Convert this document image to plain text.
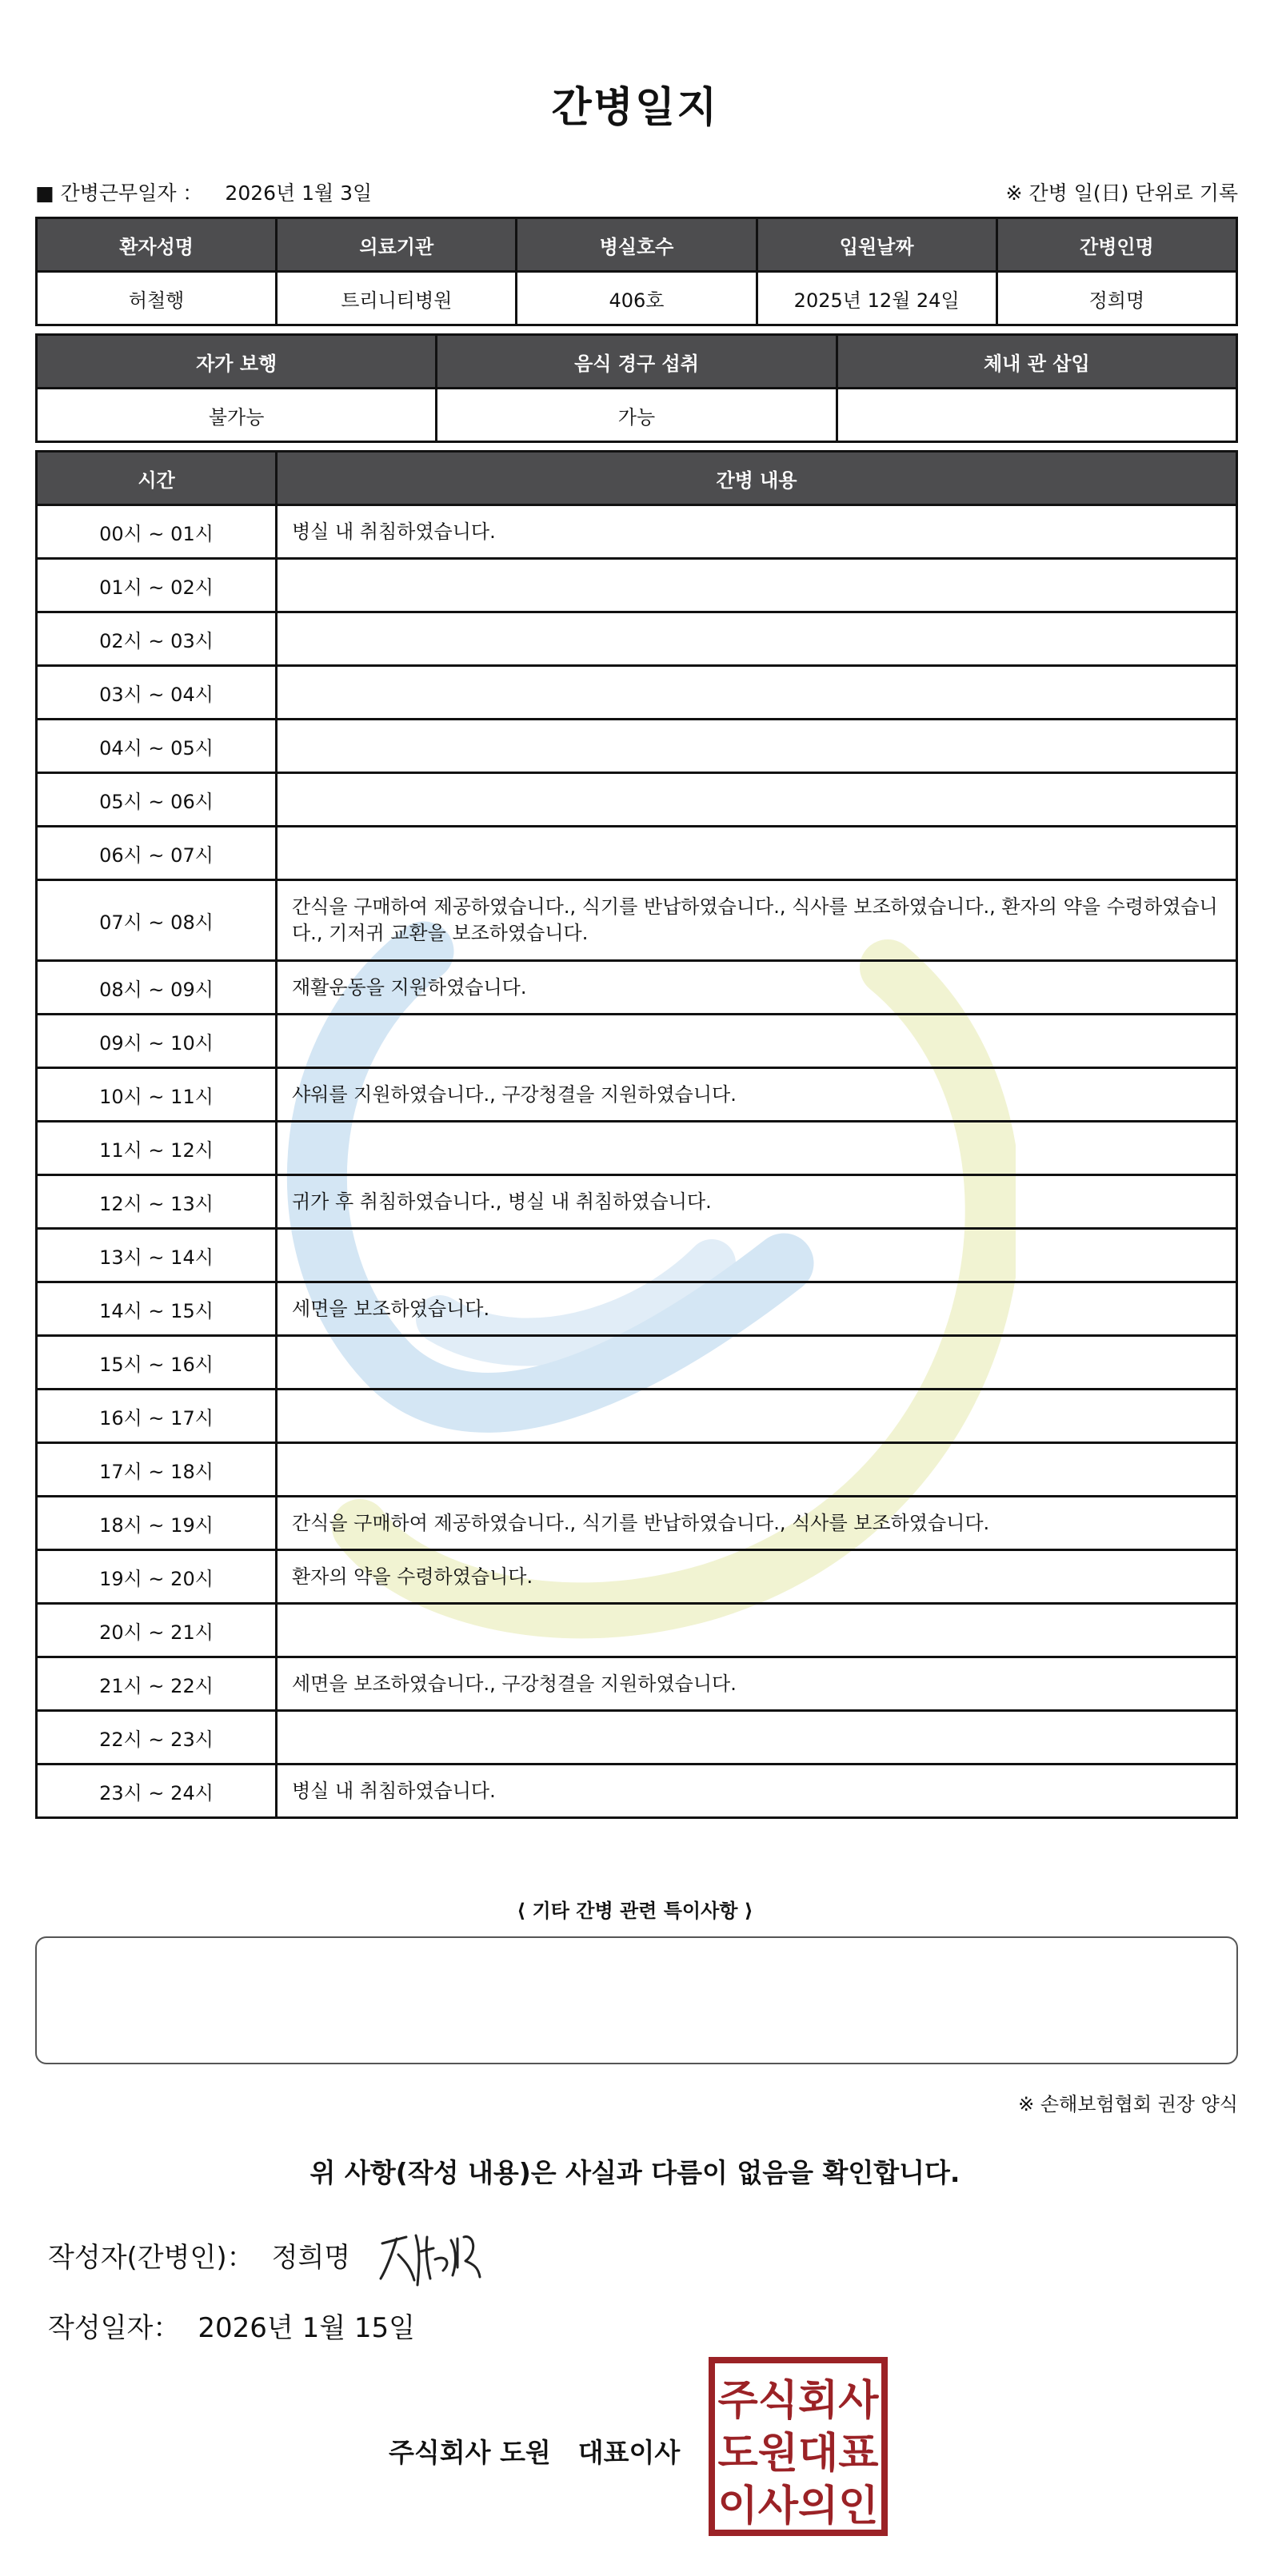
간병일지
■ 간병근무일자 ： 2026년 1월 3일	※ 간병 일(日) 단위로 기록
환자성명	의료기관	병실호수	입원날짜	간병인명
허철행	트리니티병원	406호	2025년 12월 24일	정희명
자가 보행	음식 경구 섭취	체내 관 삽입
불가능	가능	
시간	간병 내용
00시 ~ 01시	병실 내 취침하였습니다.
01시 ~ 02시	
02시 ~ 03시	
03시 ~ 04시	
04시 ~ 05시	
05시 ~ 06시	
06시 ~ 07시	
07시 ~ 08시	간식을 구매하여 제공하였습니다., 식기를 반납하였습니다., 식사를 보조하였습니다., 환자의 약을 수령하였습니다., 기저귀 교환을 보조하였습니다.
08시 ~ 09시	재활운동을 지원하였습니다.
09시 ~ 10시	
10시 ~ 11시	샤워를 지원하였습니다., 구강청결을 지원하였습니다.
11시 ~ 12시	
12시 ~ 13시	귀가 후 취침하였습니다., 병실 내 취침하였습니다.
13시 ~ 14시	
14시 ~ 15시	세면을 보조하였습니다.
15시 ~ 16시	
16시 ~ 17시	
17시 ~ 18시	
18시 ~ 19시	간식을 구매하여 제공하였습니다., 식기를 반납하였습니다., 식사를 보조하였습니다.
19시 ~ 20시	환자의 약을 수령하였습니다.
20시 ~ 21시	
21시 ~ 22시	세면을 보조하였습니다., 구강청결을 지원하였습니다.
22시 ~ 23시	
23시 ~ 24시	병실 내 취침하였습니다.
⟨ 기타 간병 관련 특이사항 ⟩
※ 손해보험협회 권장 양식
위 사항(작성 내용)은 사실과 다름이 없음을 확인합니다.
작성자(간병인)： 정희명
작성일자： 2026년 1월 15일
주식회사 도원 대표이사
주식회사
도원대표
이사의인
